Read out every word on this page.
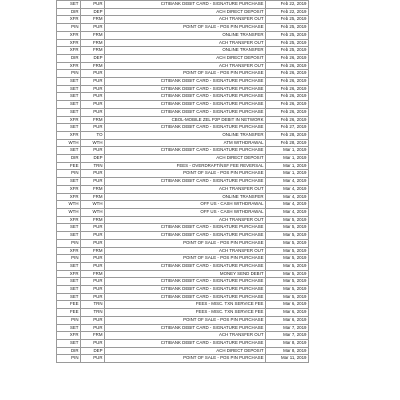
SET	PUR	CITIBANK DEBIT CARD - SIGNATURE PURCHASE	Feb 22, 2019
DIR	DEP	ACH DIRECT DEPOSIT	Feb 22, 2019
XFR	FRM	ACH TRANSFER OUT	Feb 25, 2019
PIN	PUR	POINT OF SALE - POS PIN PURCHASE	Feb 25, 2019
XFR	FRM	ONLINE TRANSFER	Feb 25, 2019
XFR	FRM	ACH TRANSFER OUT	Feb 25, 2019
XFR	FRM	ONLINE TRANSFER	Feb 25, 2019
DIR	DEP	ACH DIRECT DEPOSIT	Feb 26, 2019
XFR	FRM	ACH TRANSFER OUT	Feb 26, 2019
PIN	PUR	POINT OF SALE - POS PIN PURCHASE	Feb 26, 2019
SET	PUR	CITIBANK DEBIT CARD - SIGNATURE PURCHASE	Feb 26, 2019
SET	PUR	CITIBANK DEBIT CARD - SIGNATURE PURCHASE	Feb 26, 2019
SET	PUR	CITIBANK DEBIT CARD - SIGNATURE PURCHASE	Feb 26, 2019
SET	PUR	CITIBANK DEBIT CARD - SIGNATURE PURCHASE	Feb 26, 2019
SET	PUR	CITIBANK DEBIT CARD - SIGNATURE PURCHASE	Feb 26, 2019
XFR	FRM	CBOL-MOBILE ZEL P2P DEBIT IN NETWORK	Feb 26, 2019
SET	PUR	CITIBANK DEBIT CARD - SIGNATURE PURCHASE	Feb 27, 2019
XFR	TO	ONLINE TRANSFER	Feb 28, 2019
WTH	WTH	ATM WITHDRAWAL	Feb 28, 2019
SET	PUR	CITIBANK DEBIT CARD - SIGNATURE PURCHASE	Mar 1, 2019
DIR	DEP	ACH DIRECT DEPOSIT	Mar 1, 2019
FEE	TRN	FEES - OVERDRAFT/NSF FEE REVERSAL	Mar 1, 2019
PIN	PUR	POINT OF SALE - POS PIN PURCHASE	Mar 1, 2019
SET	PUR	CITIBANK DEBIT CARD - SIGNATURE PURCHASE	Mar 4, 2019
XFR	FRM	ACH TRANSFER OUT	Mar 4, 2019
XFR	FRM	ONLINE TRANSFER	Mar 4, 2019
WTH	WTH	OFF US - CASH WITHDRAWAL	Mar 4, 2019
WTH	WTH	OFF US - CASH WITHDRAWAL	Mar 4, 2019
XFR	FRM	ACH TRANSFER OUT	Mar 5, 2019
SET	PUR	CITIBANK DEBIT CARD - SIGNATURE PURCHASE	Mar 5, 2019
SET	PUR	CITIBANK DEBIT CARD - SIGNATURE PURCHASE	Mar 5, 2019
PIN	PUR	POINT OF SALE - POS PIN PURCHASE	Mar 5, 2019
XFR	FRM	ACH TRANSFER OUT	Mar 5, 2019
PIN	PUR	POINT OF SALE - POS PIN PURCHASE	Mar 5, 2019
SET	PUR	CITIBANK DEBIT CARD - SIGNATURE PURCHASE	Mar 5, 2019
XFR	FRM	MONEY SEND DEBIT	Mar 5, 2019
SET	PUR	CITIBANK DEBIT CARD - SIGNATURE PURCHASE	Mar 5, 2019
SET	PUR	CITIBANK DEBIT CARD - SIGNATURE PURCHASE	Mar 5, 2019
SET	PUR	CITIBANK DEBIT CARD - SIGNATURE PURCHASE	Mar 5, 2019
FEE	TRN	FEES - MISC. TXN SERVICE FEE	Mar 6, 2019
FEE	TRN	FEES - MISC. TXN SERVICE FEE	Mar 6, 2019
PIN	PUR	POINT OF SALE - POS PIN PURCHASE	Mar 6, 2019
SET	PUR	CITIBANK DEBIT CARD - SIGNATURE PURCHASE	Mar 7, 2019
XFR	FRM	ACH TRANSFER OUT	Mar 7, 2019
SET	PUR	CITIBANK DEBIT CARD - SIGNATURE PURCHASE	Mar 8, 2019
DIR	DEP	ACH DIRECT DEPOSIT	Mar 8, 2019
PIN	PUR	POINT OF SALE - POS PIN PURCHASE	Mar 11, 2019
